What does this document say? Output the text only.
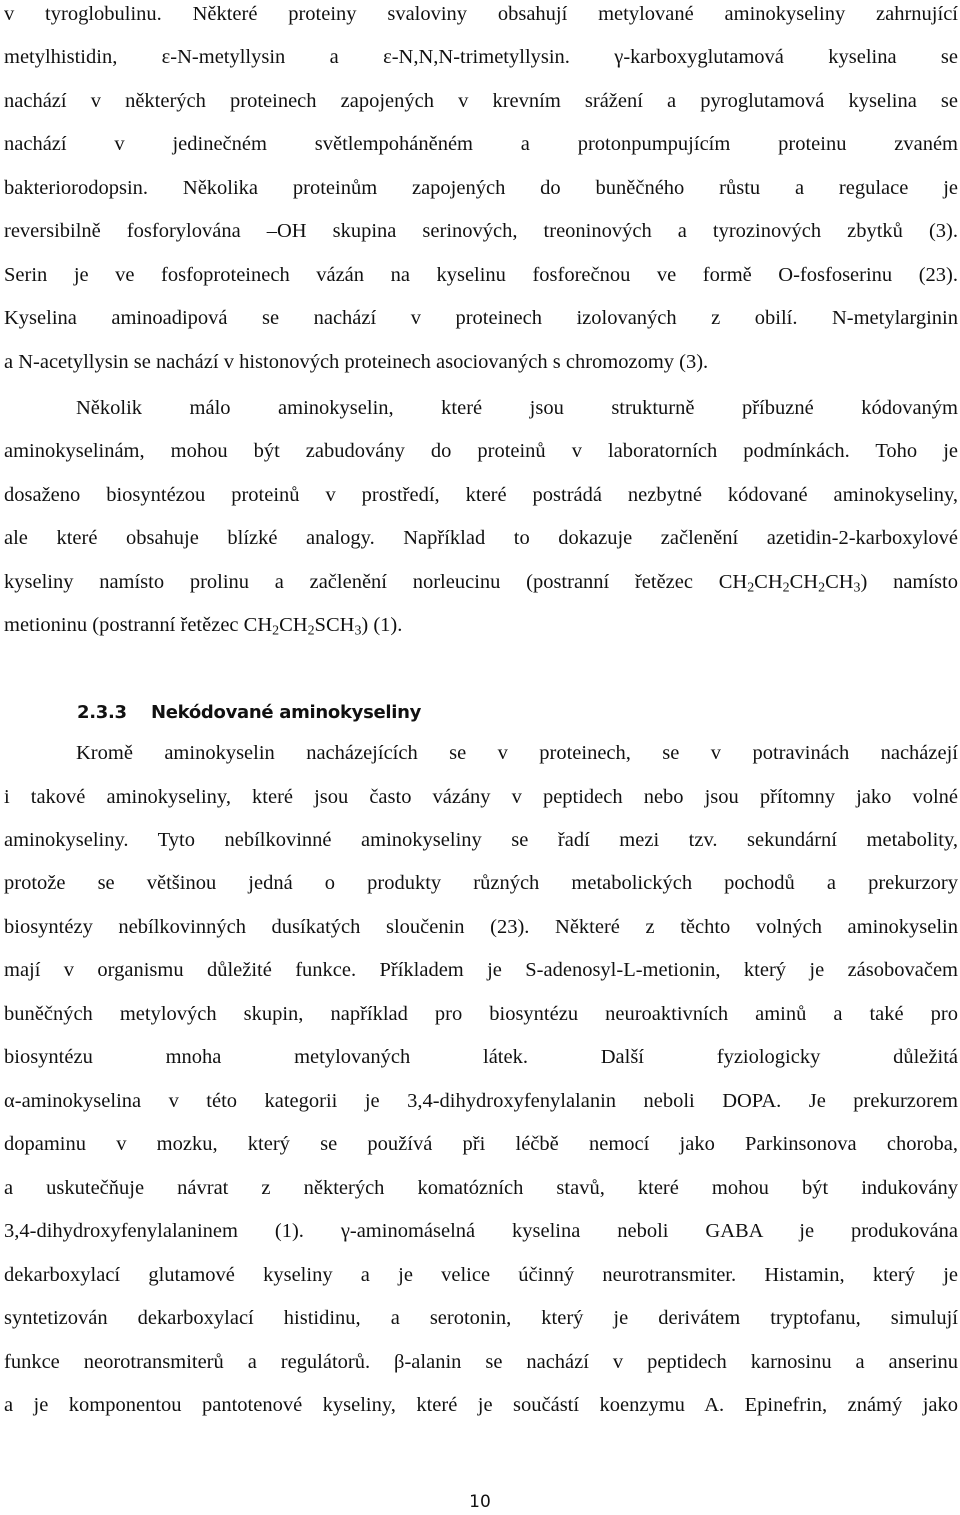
v tyroglobulinu. Některé proteiny svaloviny obsahují metylované aminokyseliny zahrnující
metylhistidin, ε-N-metyllysin a ε-N,N,N-trimetyllysin. γ-karboxyglutamová kyselina se
nachází v některých proteinech zapojených v krevním srážení a pyroglutamová kyselina se
nachází v jedinečném světlempoháněném a protonpumpujícím proteinu zvaném
bakteriorodopsin. Několika proteinům zapojených do buněčného růstu a regulace je
reversibilně fosforylována –OH skupina serinových, treoninových a tyrozinových zbytků (3).
Serin je ve fosfoproteinech vázán na kyselinu fosforečnou ve formě O-fosfoserinu (23).
Kyselina aminoadipová se nachází v proteinech izolovaných z obilí. N-metylarginin
a N-acetyllysin se nachází v histonových proteinech asociovaných s chromozomy (3).
Několik málo aminokyselin, které jsou strukturně příbuzné kódovaným
aminokyselinám, mohou být zabudovány do proteinů v laboratorních podmínkách. Toho je
dosaženo biosyntézou proteinů v prostředí, které postrádá nezbytné kódované aminokyseliny,
ale které obsahuje blízké analogy. Například to dokazuje začlenění azetidin-2-karboxylové
kyseliny namísto prolinu a začlenění norleucinu (postranní řetězec $CH_2CH_2CH_2CH_3$) namísto
metioninu (postranní řetězec $CH_2CH_2SCH_3$) (1).
2.3.3 Nekódované aminokyseliny
Kromě aminokyselin nacházejících se v proteinech, se v potravinách nacházejí
i takové aminokyseliny, které jsou často vázány v peptidech nebo jsou přítomny jako volné
aminokyseliny. Tyto nebílkovinné aminokyseliny se řadí mezi tzv. sekundární metabolity,
protože se většinou jedná o produkty různých metabolických pochodů a prekurzory
biosyntézy nebílkovinných dusíkatých sloučenin (23). Některé z těchto volných aminokyselin
mají v organismu důležité funkce. Příkladem je S-adenosyl-L-metionin, který je zásobovačem
buněčných metylových skupin, například pro biosyntézu neuroaktivních aminů a také pro
biosyntézu mnoha metylovaných látek. Další fyziologicky důležitá
α-aminokyselina v této kategorii je 3,4-dihydroxyfenylalanin neboli DOPA. Je prekurzorem
dopaminu v mozku, který se používá při léčbě nemocí jako Parkinsonova choroba,
a uskutečňuje návrat z některých komatózních stavů, které mohou být indukovány
3,4-dihydroxyfenylalaninem (1). γ-aminomáselná kyselina neboli GABA je produkována
dekarboxylací glutamové kyseliny a je velice účinný neurotransmiter. Histamin, který je
syntetizován dekarboxylací histidinu, a serotonin, který je derivátem tryptofanu, simulují
funkce neorotransmiterů a regulátorů. β-alanin se nachází v peptidech karnosinu a anserinu
a je komponentou pantotenové kyseliny, které je součástí koenzymu A. Epinefrin, známý jako
10
